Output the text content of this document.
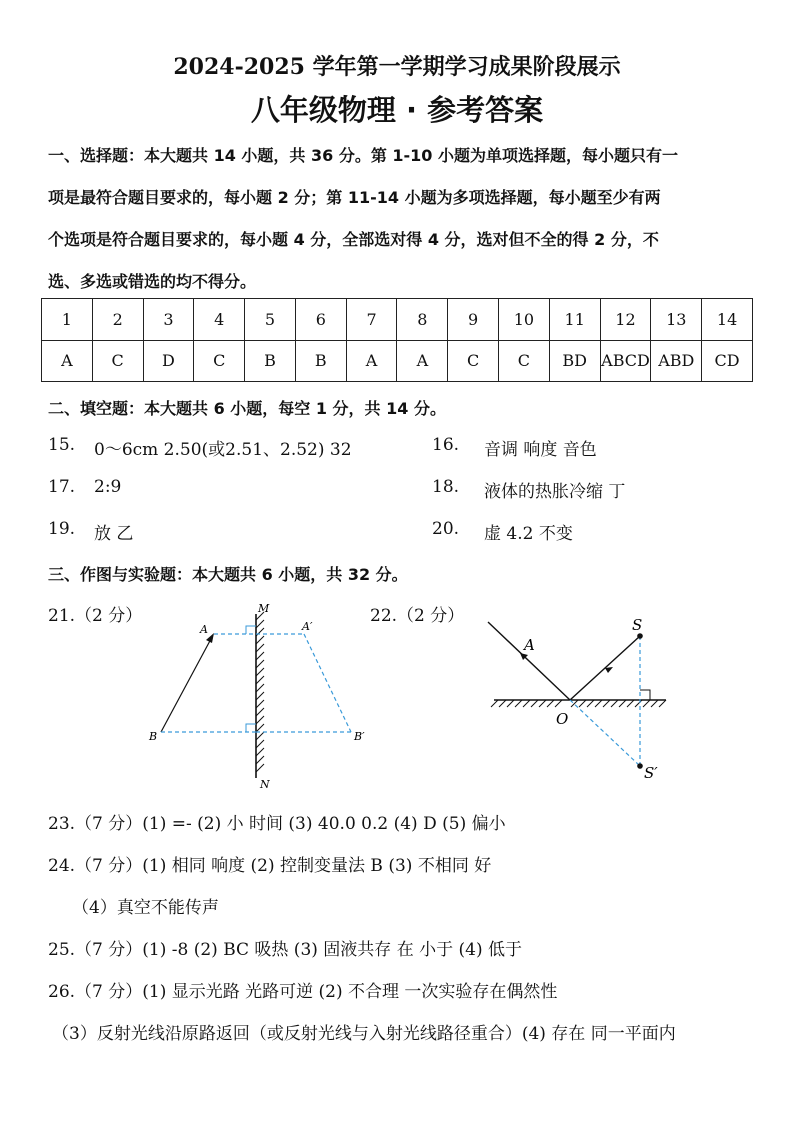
2024-2025 学年第一学期学习成果阶段展示
八年级物理 · 参考答案
一、选择题：本大题共 14 小题，共 36 分。第 1-10 小题为单项选择题，每小题只有一
项是最符合题目要求的，每小题 2 分；第 11-14 小题为多项选择题，每小题至少有两
个选项是符合题目要求的，每小题 4 分，全部选对得 4 分，选对但不全的得 2 分，不
选、多选或错选的均不得分。
1	2	3	4	5	6	7	8	9	10	11	12	13	14
A	C	D	C	B	B	A	A	C	C	BD	ABCD	ABD	CD
二、填空题：本大题共 6 小题，每空 1 分，共 14 分。
15. 0～6cm 2.50(或2.51、2.52) 32	16. 音调 响度 音色
17. 2:9	18. 液体的热胀冷缩 丁
19. 放 乙	20. 虚 4.2 不变
三、作图与实验题：本大题共 6 小题，共 32 分。
21.（2 分）	22.（2 分）
M
N
A	A′
B	B′
A
S
O
S′
23.（7 分）(1) =- (2) 小 时间 (3) 40.0 0.2 (4) D (5) 偏小
24.（7 分）(1) 相同 响度 (2) 控制变量法 B (3) 不相同 好
（4）真空不能传声
25.（7 分）(1) -8 (2) BC 吸热 (3) 固液共存 在 小于 (4) 低于
26.（7 分）(1) 显示光路 光路可逆 (2) 不合理 一次实验存在偶然性
（3）反射光线沿原路返回（或反射光线与入射光线路径重合）(4) 存在 同一平面内
